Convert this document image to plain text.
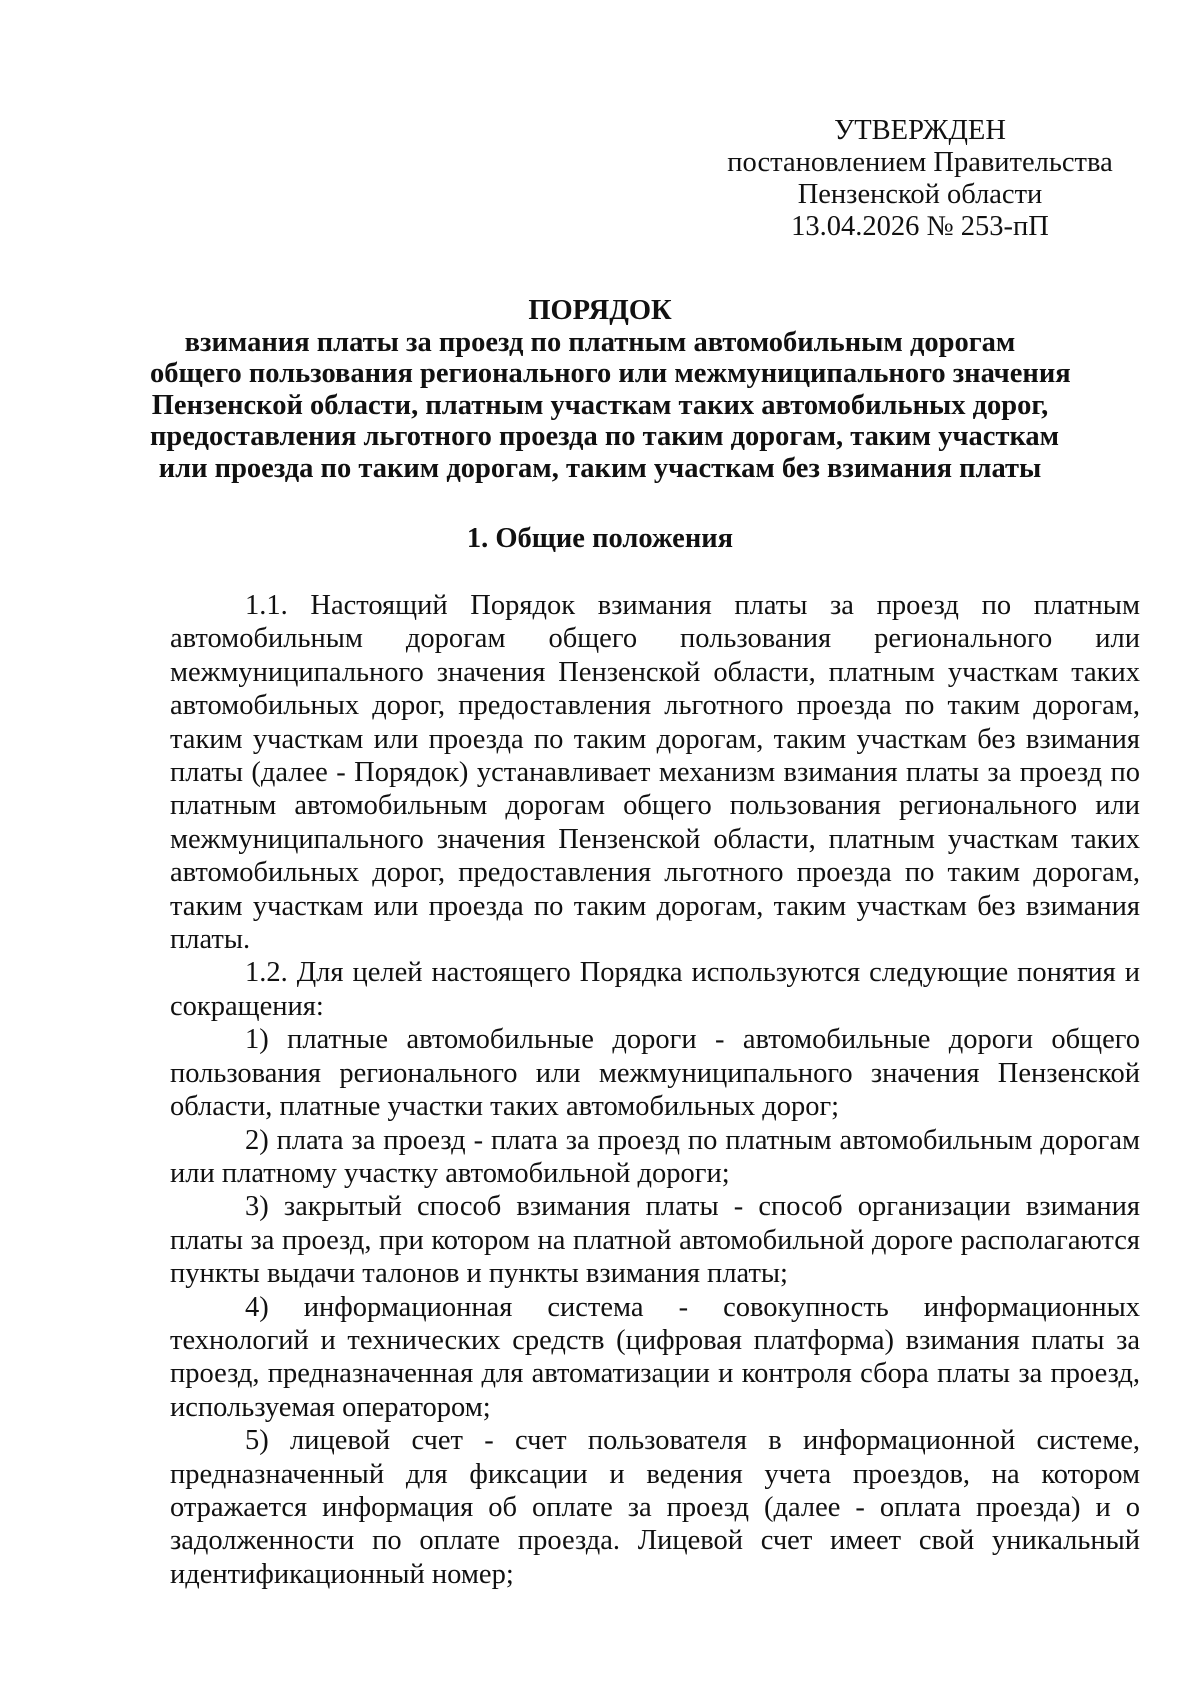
УТВЕРЖДЕН
постановлением Правительства
Пензенской области
13.04.2026 № 253-пП
ПОРЯДОК
взимания платы за проезд по платным автомобильным дорогам
общего пользования регионального или межмуниципального значения
Пензенской области, платным участкам таких автомобильных дорог,
предоставления льготного проезда по таким дорогам, таким участкам
или проезда по таким дорогам, таким участкам без взимания платы
1. Общие положения

1.1. Настоящий Порядок взимания платы за проезд по платным автомобильным дорогам общего пользования регионального или межмуниципального значения Пензенской области, платным участкам таких автомобильных дорог, предоставления льготного проезда по таким дорогам, таким участкам или проезда по таким дорогам, таким участкам без взимания платы (далее - Порядок) устанавливает механизм взимания платы за проезд по платным автомобильным дорогам общего пользования регионального или межмуниципального значения Пензенской области, платным участкам таких автомобильных дорог, предоставления льготного проезда по таким дорогам, таким участкам или проезда по таким дорогам, таким участкам без взимания платы.

1.2. Для целей настоящего Порядка используются следующие понятия и сокращения:

1) платные автомобильные дороги - автомобильные дороги общего пользования регионального или межмуниципального значения Пензенской области, платные участки таких автомобильных дорог;

2) плата за проезд - плата за проезд по платным автомобильным дорогам или платному участку автомобильной дороги;

3) закрытый способ взимания платы - способ организации взимания платы за проезд, при котором на платной автомобильной дороге располагаются пункты выдачи талонов и пункты взимания платы;

4) информационная система - совокупность информационных технологий и технических средств (цифровая платформа) взимания платы за проезд, предназначенная для автоматизации и контроля сбора платы за проезд, используемая оператором;

5) лицевой счет - счет пользователя в информационной системе, предназначенный для фиксации и ведения учета проездов, на котором отражается информация об оплате за проезд (далее - оплата проезда) и о задолженности по оплате проезда. Лицевой счет имеет свой уникальный идентификационный номер;
